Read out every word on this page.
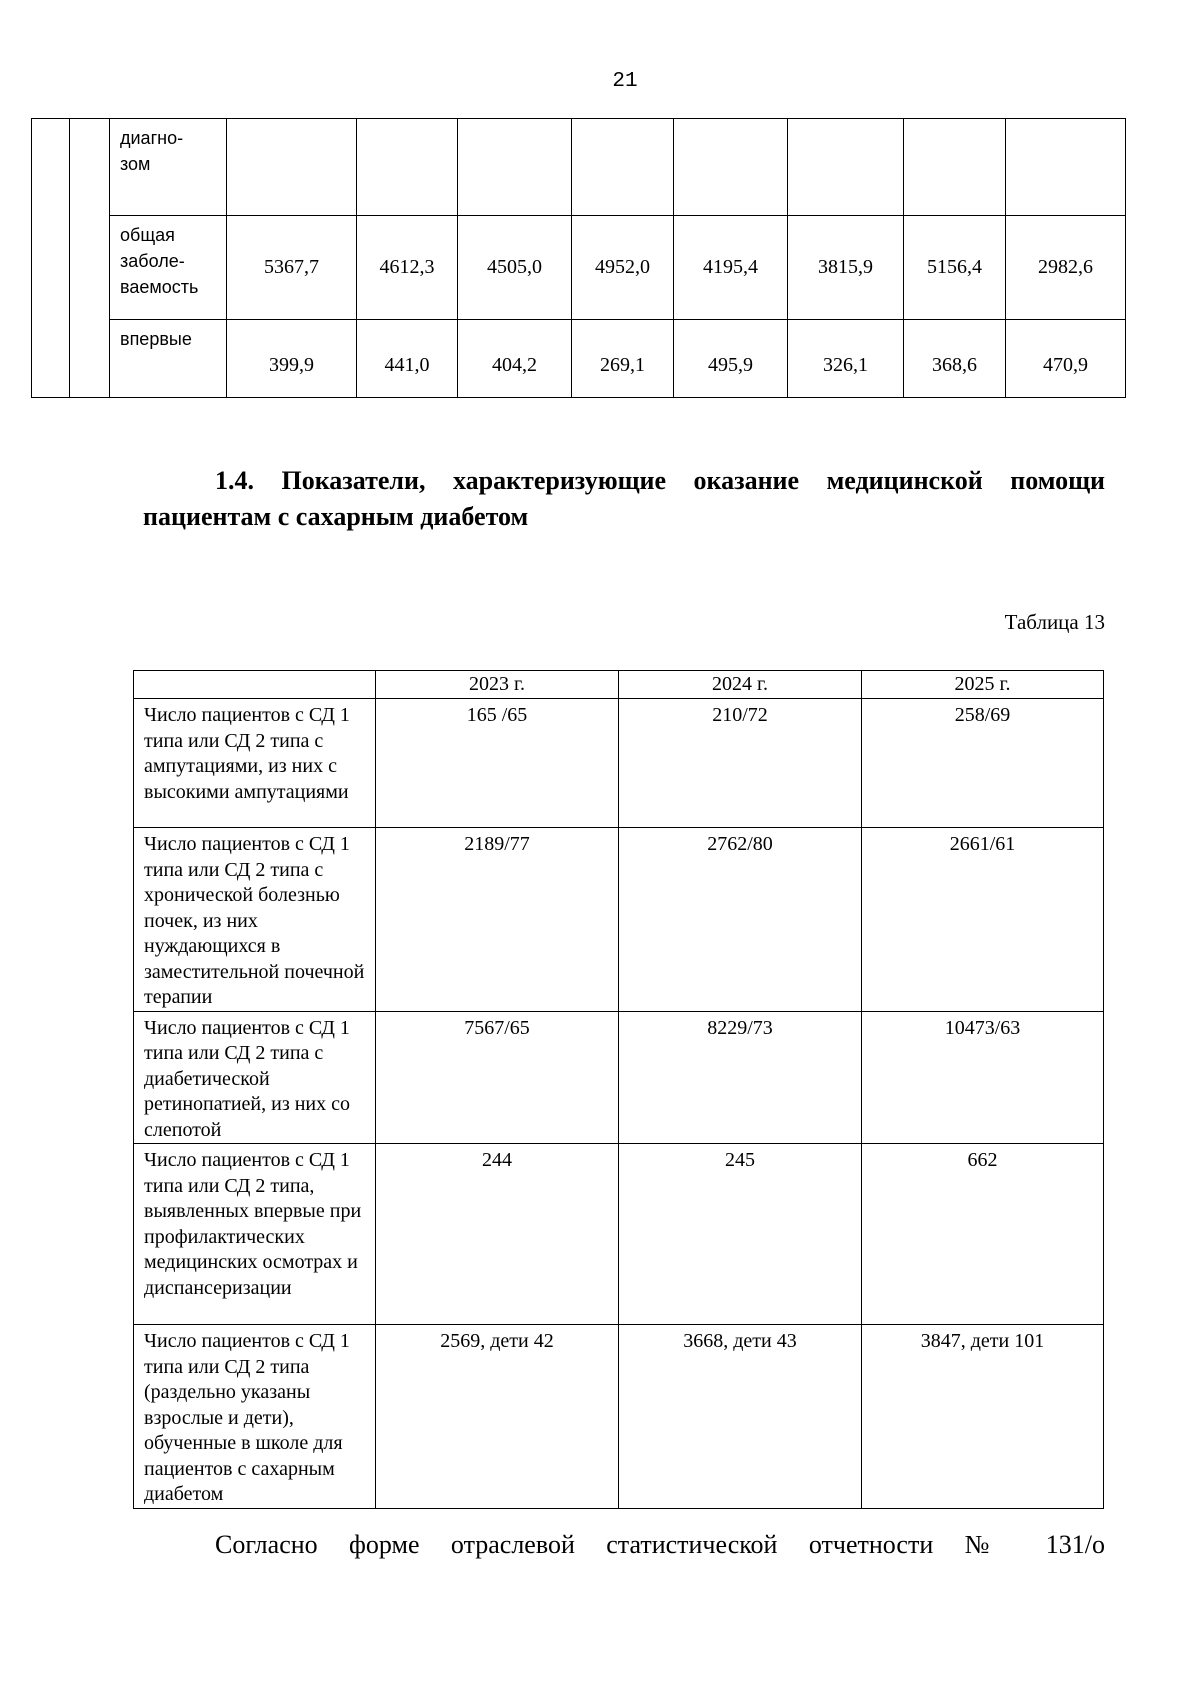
21

		диагно-
зом								

		общая
заболе-
ваемость	5367,7	4612,3	4505,0	4952,0	4195,4	3815,9	5156,4	2982,6

		впервые	399,9	441,0	404,2	269,1	495,9	326,1	368,6	470,9
1.4. Показатели, характеризующие оказание медицинской помощи
пациентам с сахарным диабетом
Таблица 13
	2023 г.	2024 г.	2025 г.
Число пациентов с СД 1 типа или СД 2 типа с ампутациями, из них с высокими ампутациями	165 /65	210/72	258/69
Число пациентов с СД 1 типа или СД 2 типа с хронической болезнью почек, из них нуждающихся в заместительной почечной терапии	2189/77	2762/80	2661/61
Число пациентов с СД 1 типа или СД 2 типа с диабетической ретинопатией, из них со слепотой	7567/65	8229/73	10473/63
Число пациентов с СД 1 типа или СД 2 типа, выявленных впервые при профилактических медицинских осмотрах и диспансеризации	244	245	662
Число пациентов с СД 1 типа или СД 2 типа (раздельно указаны взрослые и дети), обученные в школе для пациентов с сахарным диабетом	2569, дети 42	3668, дети 43	3847, дети 101
Согласно форме отраслевой статистической отчетности № 131/о
